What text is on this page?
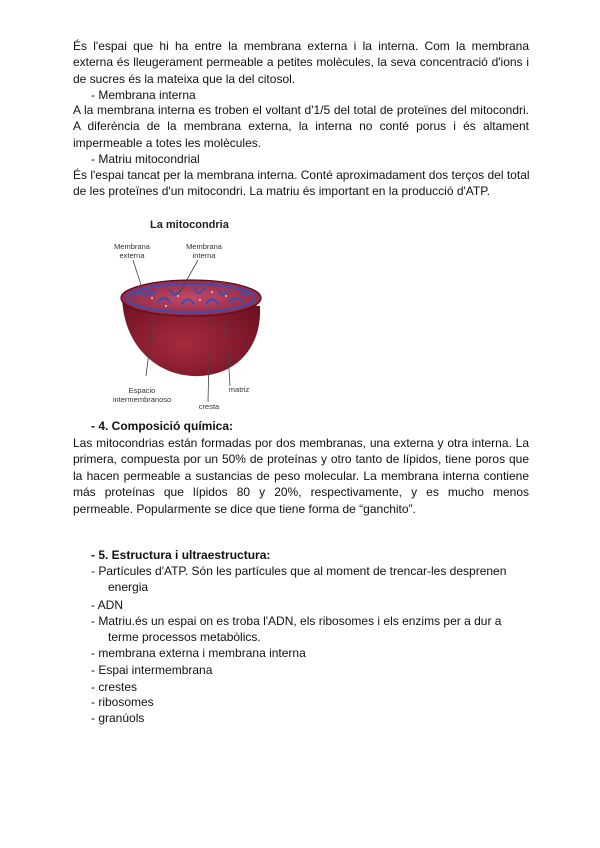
És l'espai que hi ha entre la membrana externa i la interna. Com la membrana externa és lleugerament permeable a petites molècules, la seva concentració d'ions i de sucres és la mateixa que la del citosol.

- Membrana interna

A la membrana interna es troben el voltant d'1/5 del total de proteïnes del mitocondri. A diferència de la membrana externa, la interna no conté porus i és altament impermeable a totes les molècules.

- Matriu mitocondrial

És l'espai tancat per la membrana interna. Conté aproximadament dos terços del total de les proteïnes d'un mitocondri. La matriu és important en la producció d'ATP.

La mitocondria
Membrana
externa
Membrana
interna
Espacio
intermembranoso
cresta
matriz

- 4. Composició química:

Las mitocondrias están formadas por dos membranas, una externa y otra interna. La primera, compuesta por un 50% de proteínas y otro tanto de lípidos, tiene poros que la hacen permeable a sustancias de peso molecular. La membrana interna contiene más proteínas que lípidos 80 y 20%, respectivamente, y es mucho menos permeable. Popularmente se dice que tiene forma de “ganchito”.

- 5. Estructura i ultraestructura:

- Partícules d'ATP. Són les partícules que al moment de trencar-les desprenen
energia
- ADN
- Matriu.és un espai on es troba l'ADN, els ribosomes i els enzims per a dur a
terme processos metabòlics.
- membrana externa i membrana interna
- Espai intermembrana
- crestes
- ribosomes
- granúols
